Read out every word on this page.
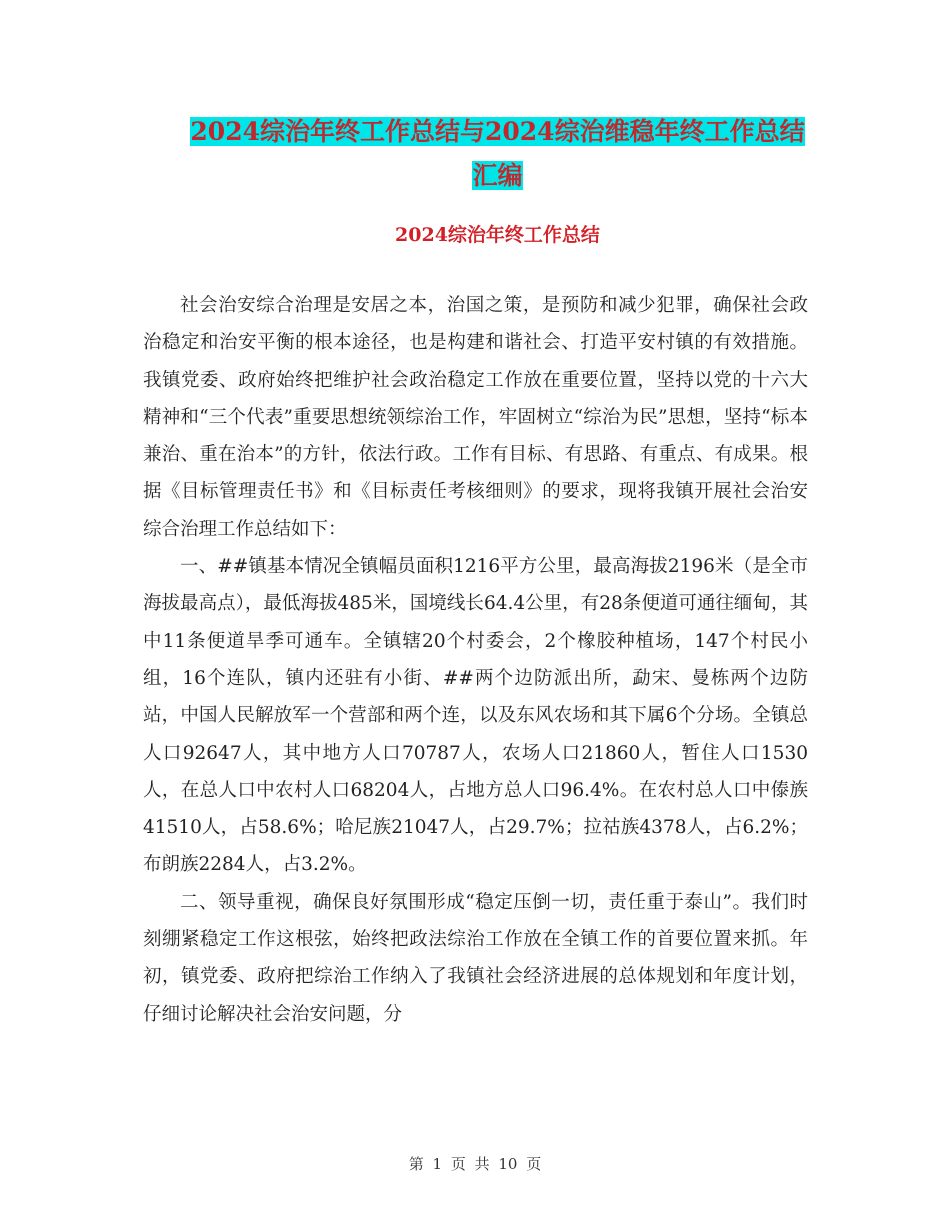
2024综治年终工作总结与2024综治维稳年终工作总结
汇编
2024综治年终工作总结

社会治安综合治理是安居之本，治国之策，是预防和减少犯罪，确保社会政治稳定和治安平衡的根本途径，也是构建和谐社会、打造平安村镇的有效措施。我镇党委、政府始终把维护社会政治稳定工作放在重要位置，坚持以党的十六大精神和“三个代表”重要思想统领综治工作，牢固树立“综治为民”思想，坚持“标本兼治、重在治本”的方针，依法行政。工作有目标、有思路、有重点、有成果。根据《目标管理责任书》和《目标责任考核细则》的要求，现将我镇开展社会治安综合治理工作总结如下：

一、##镇基本情况全镇幅员面积1216平方公里，最高海拔2196米（是全市海拔最高点），最低海拔485米，国境线长64.4公里，有28条便道可通往缅甸，其中11条便道旱季可通车。全镇辖20个村委会，2个橡胶种植场，147个村民小组，16个连队，镇内还驻有小街、##两个边防派出所，勐宋、曼栋两个边防站，中国人民解放军一个营部和两个连，以及东风农场和其下属6个分场。全镇总人口92647人，其中地方人口70787人，农场人口21860人，暂住人口1530人，在总人口中农村人口68204人，占地方总人口96.4%。在农村总人口中傣族41510人，占58.6%；哈尼族21047人，占29.7%；拉祜族4378人，占6.2%；布朗族2284人，占3.2%。

二、领导重视，确保良好氛围形成“稳定压倒一切，责任重于泰山”。我们时刻绷紧稳定工作这根弦，始终把政法综治工作放在全镇工作的首要位置来抓。年初，镇党委、政府把综治工作纳入了我镇社会经济进展的总体规划和年度计划，仔细讨论解决社会治安问题，分

第 1 页 共 10 页
